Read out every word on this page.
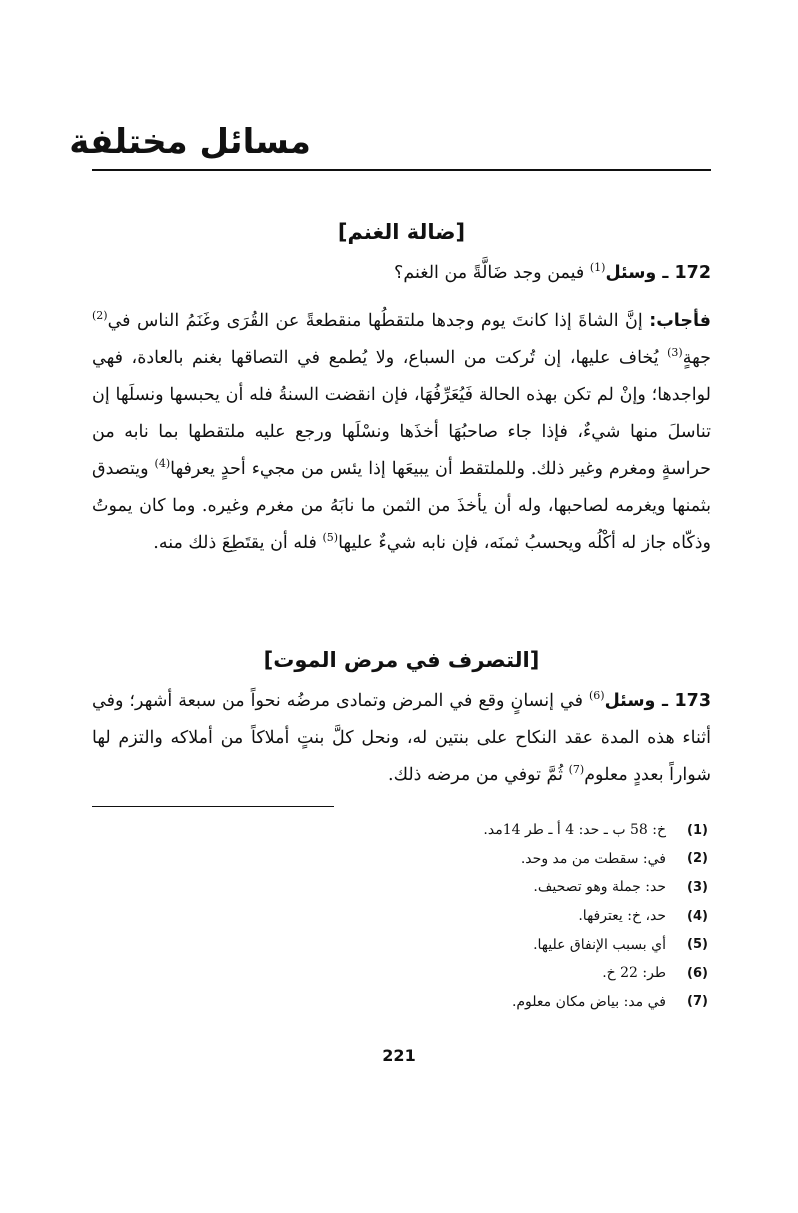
مسائل مختلفة
[ضالة الغنم]

172 ـ وسئل$^{(1)}$ فيمن وجد ضَالَّةً من الغنم؟

فأجاب: إنَّ الشاةَ إذا كانتَ يوم وجدها ملتقطُها منقطعةً عن القُرَى وغَنَمُ الناس في$^{(2)}$ جهةٍ$^{(3)}$ يُخاف عليها، إن تُركت من السباع، ولا يُطمع في التصاقها بغنم بالعادة، فهي لواجدها؛ وإنْ لم تكن بهذه الحالة فَيُعَرِّفُهَا، فإن انقضت السنةُ فله أن يحبسها ونسلَها إن تناسلَ منها شيءٌ، فإذا جاء صاحبُهَا أخذَها ونسْلَها ورجع عليه ملتقطها بما نابه من حراسةٍ ومغرم وغير ذلك. وللملتقط أن يبيعَها إذا يئس من مجيء أحدٍ يعرفها$^{(4)}$ ويتصدق بثمنها ويغرمه لصاحبها، وله أن يأخذَ من الثمن ما نابَهُ من مغرم وغيره. وما كان يموتُ وذكّاه جاز له أكْلُه ويحسبُ ثمنَه، فإن نابه شيءٌ عليها$^{(5)}$ فله أن يقتَطِعَ ذلك منه.

[التصرف في مرض الموت]

173 ـ وسئل$^{(6)}$ في إنسانٍ وقع في المرض وتمادى مرضُه نحواً من سبعة أشهر؛ وفي أثناء هذه المدة عقد النكاح على بنتين له، ونحل كلَّ بنتٍ أملاكاً من أملاكه والتزم لها شواراً بعددٍ معلوم$^{(7)}$ ثُمَّ توفي من مرضه ذلك.

(1)
خ: 58 ب ـ حد: 4 أ ـ طر 14مد.
(2)
في: سقطت من مد وحد.
(3)
حد: جملة وهو تصحيف.
(4)
حد، خ: يعترفها.
(5)
أي بسبب الإنفاق عليها.
(6)
طر: 22 خ.
(7)
في مد: بياض مكان معلوم.
221
